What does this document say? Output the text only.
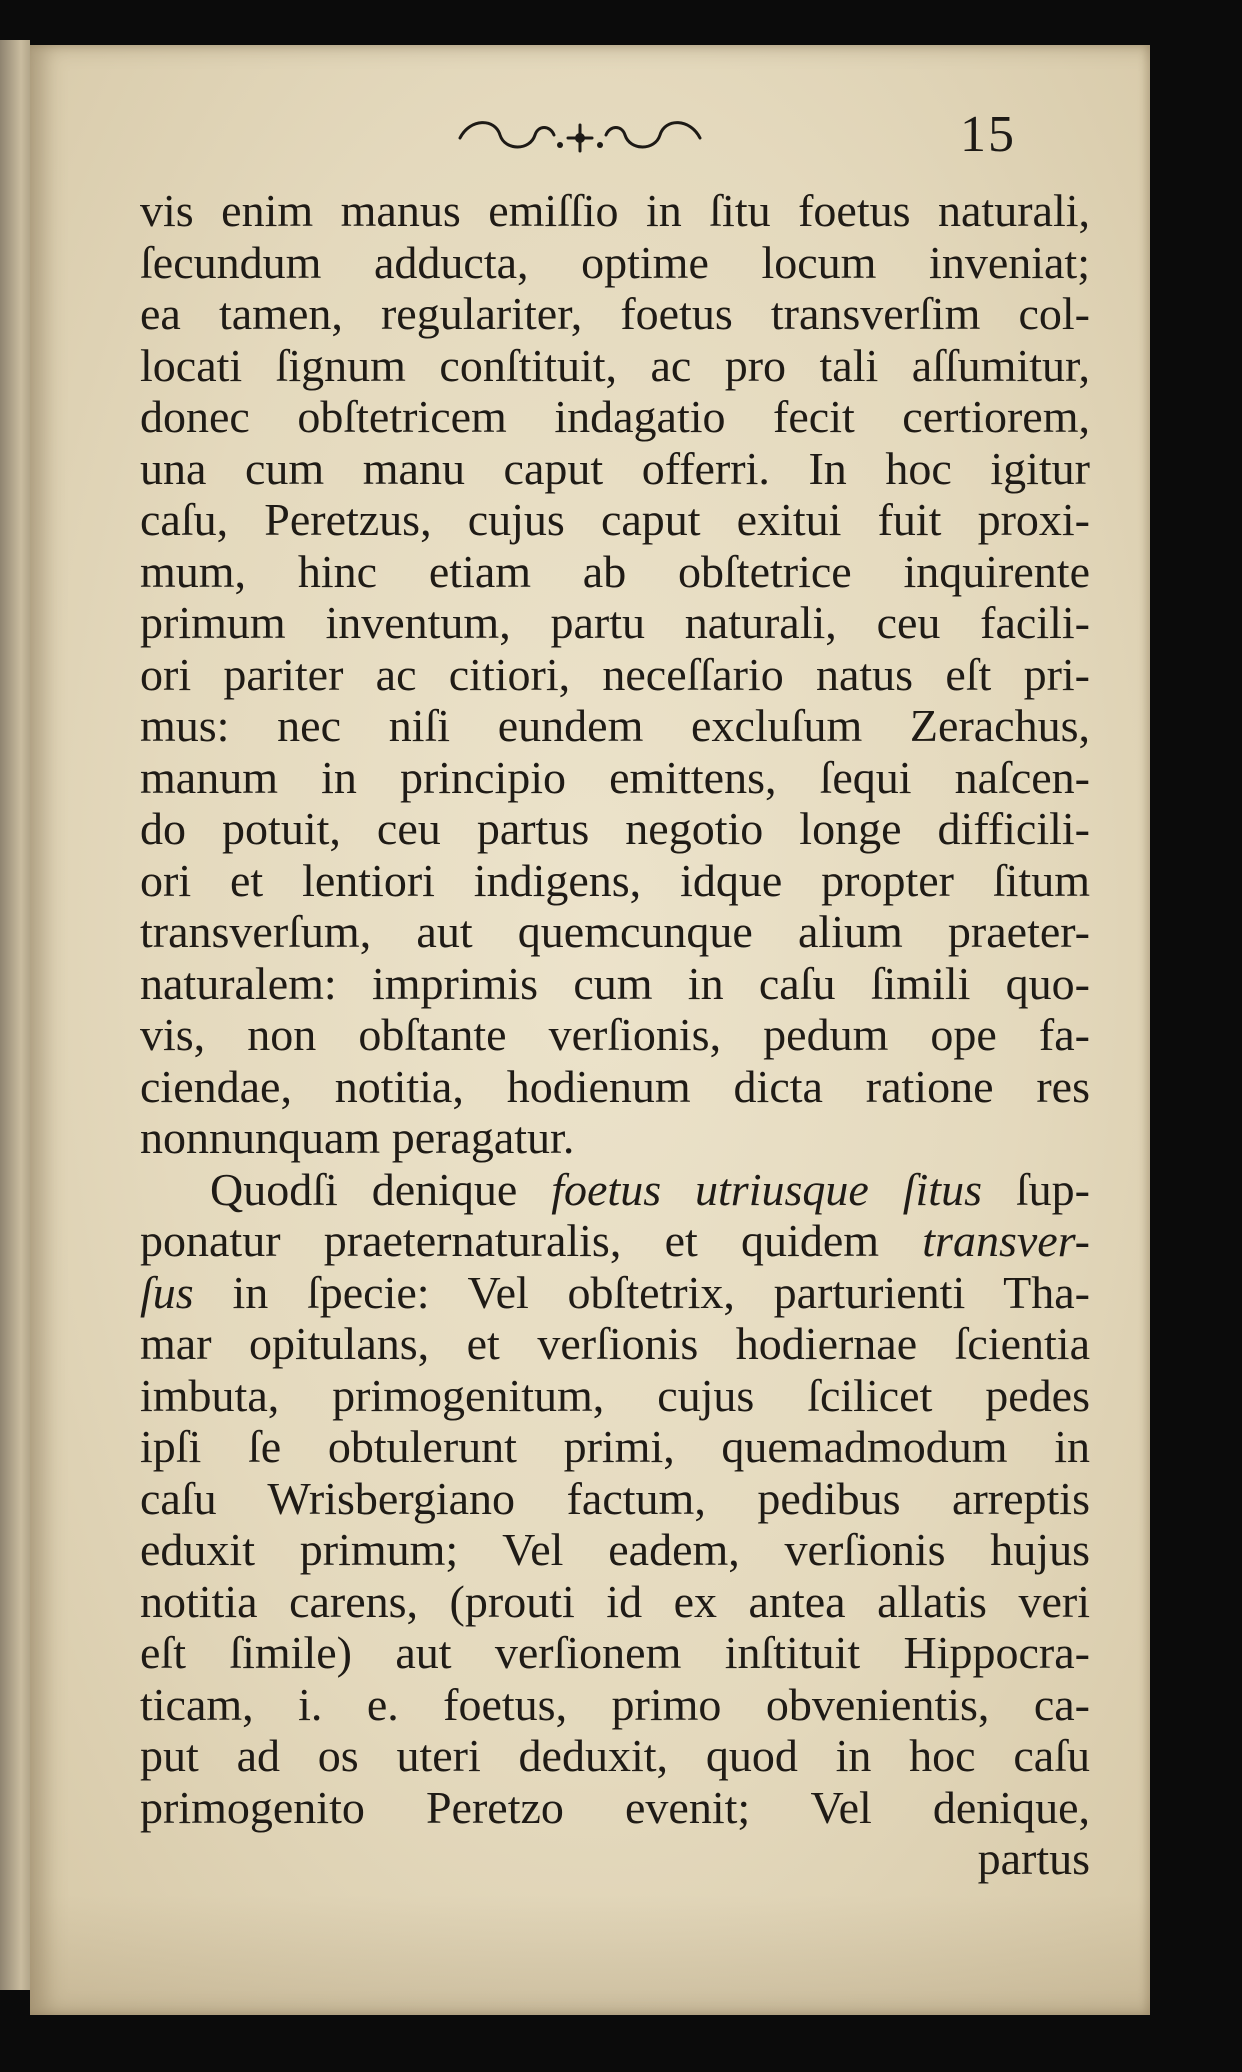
15
vis enim manus emiſſio in ſitu foetus naturali,
ſecundum adducta, optime locum inveniat;
ea tamen, regulariter, foetus transverſim col-
locati ſignum conſtituit, ac pro tali aſſumitur,
donec obſtetricem indagatio fecit certiorem,
una cum manu caput offerri. In hoc igitur
caſu, Peretzus, cujus caput exitui fuit proxi-
mum, hinc etiam ab obſtetrice inquirente
primum inventum, partu naturali, ceu facili-
ori pariter ac citiori, neceſſario natus eſt pri-
mus: nec niſi eundem excluſum Zerachus,
manum in principio emittens, ſequi naſcen-
do potuit, ceu partus negotio longe difficili-
ori et lentiori indigens, idque propter ſitum
transverſum, aut quemcunque alium praeter-
naturalem: imprimis cum in caſu ſimili quo-
vis, non obſtante verſionis, pedum ope fa-
ciendae, notitia, hodienum dicta ratione res
nonnunquam peragatur.
Quodſi denique foetus utriusque ſitus ſup-
ponatur praeternaturalis, et quidem transver-
ſus in ſpecie: Vel obſtetrix, parturienti Tha-
mar opitulans, et verſionis hodiernae ſcientia
imbuta, primogenitum, cujus ſcilicet pedes
ipſi ſe obtulerunt primi, quemadmodum in
caſu Wrisbergiano factum, pedibus arreptis
eduxit primum; Vel eadem, verſionis hujus
notitia carens, (prouti id ex antea allatis veri
eſt ſimile) aut verſionem inſtituit Hippocra-
ticam, i. e. foetus, primo obvenientis, ca-
put ad os uteri deduxit, quod in hoc caſu
primogenito Peretzo evenit; Vel denique,
partus
